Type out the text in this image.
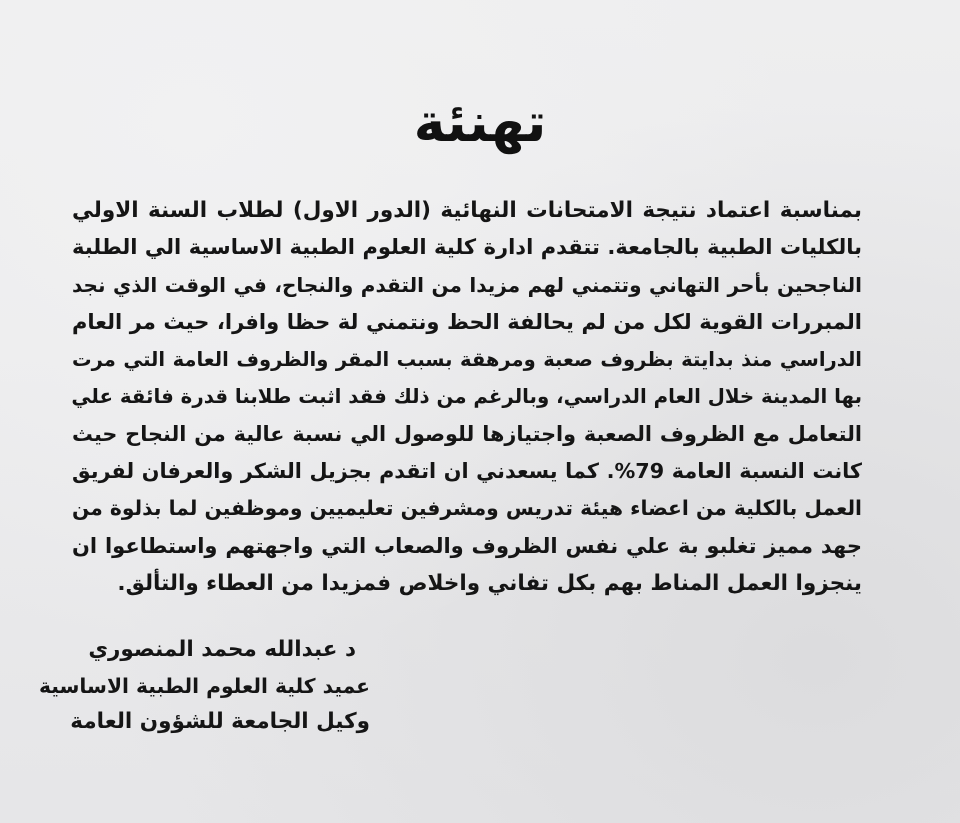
تهنئة
بمناسبة اعتماد نتيجة الامتحانات النهائية (الدور الاول) لطلاب السنة الاولي
بالكليات الطبية بالجامعة. تتقدم ادارة كلية العلوم الطبية الاساسية الي الطلبة
الناجحين بأحر التهاني وتتمني لهم مزيدا من التقدم والنجاح، في الوقت الذي نجد
المبررات القوية لكل من لم يحالفة الحظ ونتمني لة حظا وافرا، حيث مر العام
الدراسي منذ بدايتة بظروف صعبة ومرهقة بسبب المقر والظروف العامة التي مرت
بها المدينة خلال العام الدراسي، وبالرغم من ذلك فقد اثبت طلابنا قدرة فائقة علي
التعامل مع الظروف الصعبة واجتيازها للوصول الي نسبة عالية من النجاح حيث
كانت النسبة العامة 79%. كما يسعدني ان اتقدم بجزيل الشكر والعرفان لفريق
العمل بالكلية من اعضاء هيئة تدريس ومشرفين تعليميين وموظفين لما بذلوة من
جهد مميز تغلبو بة علي نفس الظروف والصعاب التي واجهتهم واستطاعوا ان
ينجزوا العمل المناط بهم بكل تفاني واخلاص فمزيدا من العطاء والتألق.
د عبدالله محمد المنصوري
عميد كلية العلوم الطبية الاساسية
وكيل الجامعة للشؤون العامة
